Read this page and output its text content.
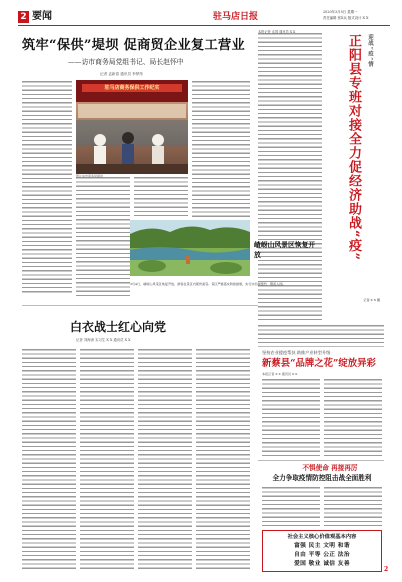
2 要闻	驻马店日报	2020年3月5日 星期一
责任编辑 张X兵 版式设计 X X
筑牢“保供”堤坝 促商贸企业复工营业
——访市商务局党组书记、局长赵怀中
记者 孟新春 通讯员 李梦彤
驻马店商务保供工作纪实
图片由市商务局提供
本报记者 孟国 通讯员 X X
迎战“疫”情
正阳县专班对接全力促经济助战“疫”
嵖岈山风景区恢复开放
3月4日，嵖岈山风景区恢复开放，游客在景区内观赏美景。景区严格落实防控措施，实行实名制预约、限流入园。
记者 X X 摄
白衣战士红心向党
记者 刘海涛 实习生 X X 通讯员 X X
坚持农业援疫帮扶 助推产业转型升级
新蔡县“品牌之花”绽放异彩
本报记者 X X 通讯员 X X
不惧使命 再接再厉
全力争取疫情防控阻击战全面胜利
社会主义核心价值观基本内容
富强 民主 文明 和谐
自由 平等 公正 法治
爱国 敬业 诚信 友善
2
